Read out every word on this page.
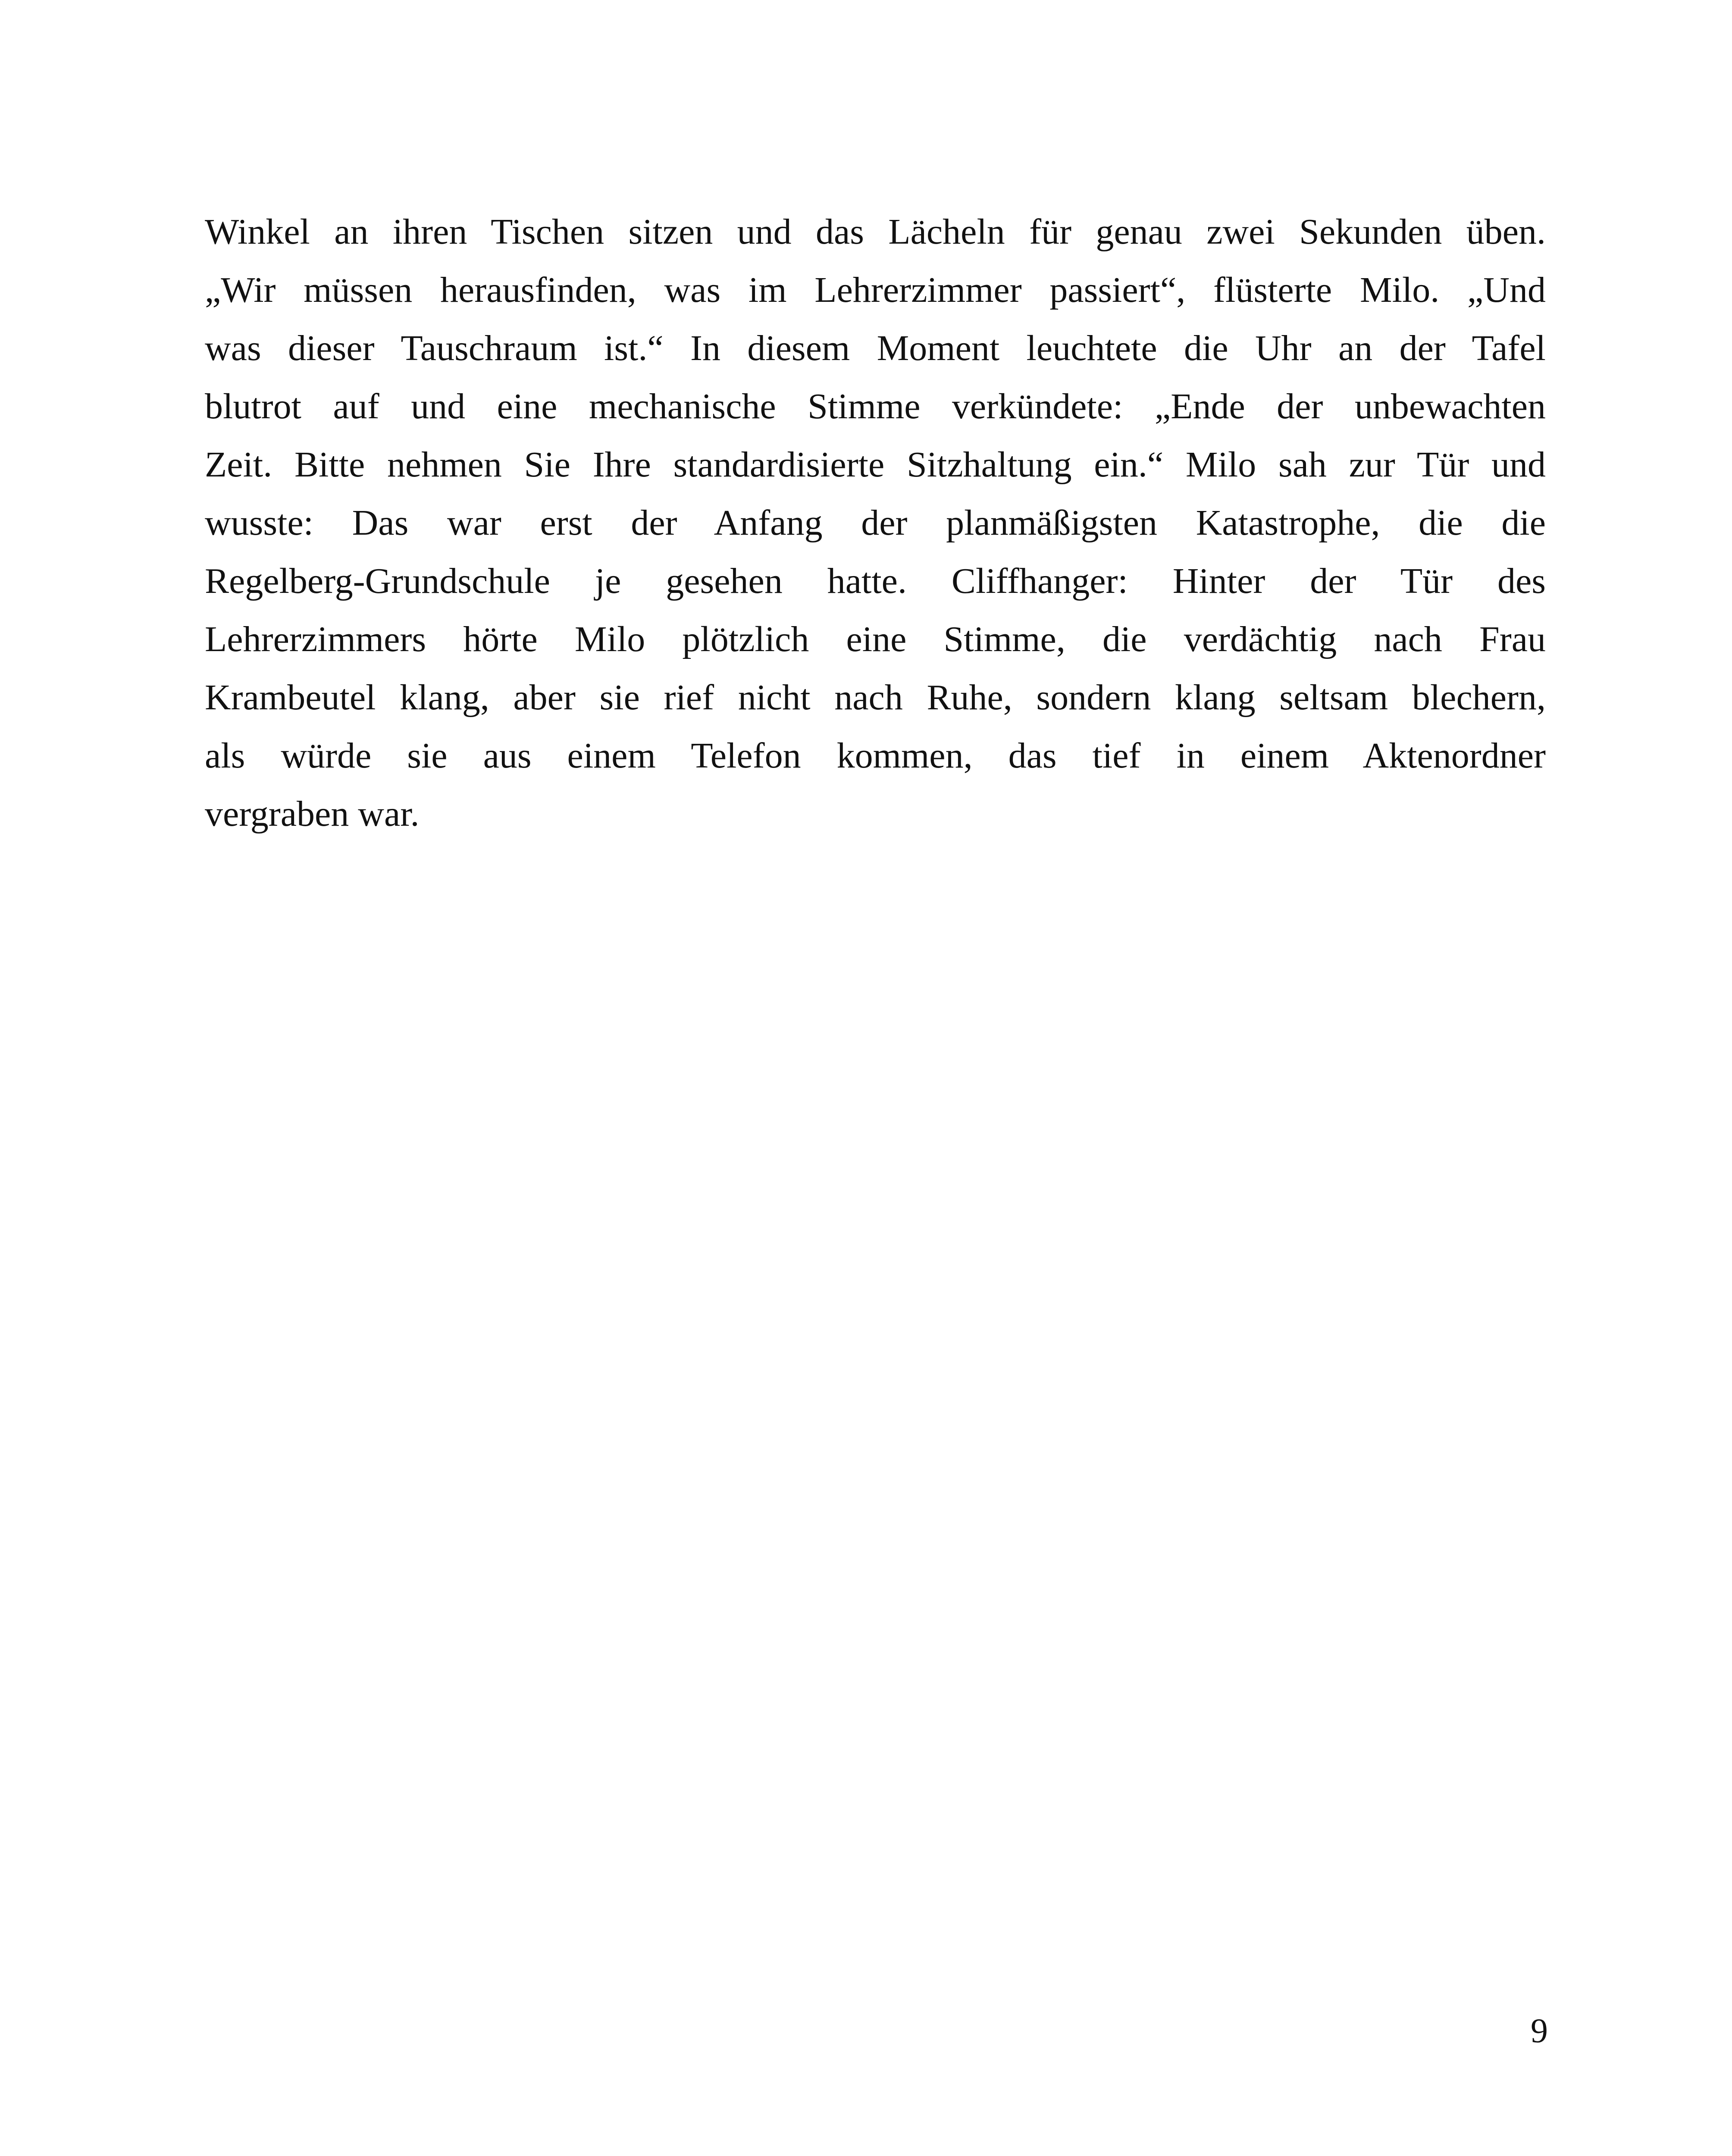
Winkel an ihren Tischen sitzen und das Lächeln für genau zwei Sekunden üben.
„Wir müssen herausfinden, was im Lehrerzimmer passiert“, flüsterte Milo. „Und
was dieser Tauschraum ist.“ In diesem Moment leuchtete die Uhr an der Tafel
blutrot auf und eine mechanische Stimme verkündete: „Ende der unbewachten
Zeit. Bitte nehmen Sie Ihre standardisierte Sitzhaltung ein.“ Milo sah zur Tür und
wusste: Das war erst der Anfang der planmäßigsten Katastrophe, die die
Regelberg-Grundschule je gesehen hatte. Cliffhanger: Hinter der Tür des
Lehrerzimmers hörte Milo plötzlich eine Stimme, die verdächtig nach Frau
Krambeutel klang, aber sie rief nicht nach Ruhe, sondern klang seltsam blechern,
als würde sie aus einem Telefon kommen, das tief in einem Aktenordner
vergraben war.
9
